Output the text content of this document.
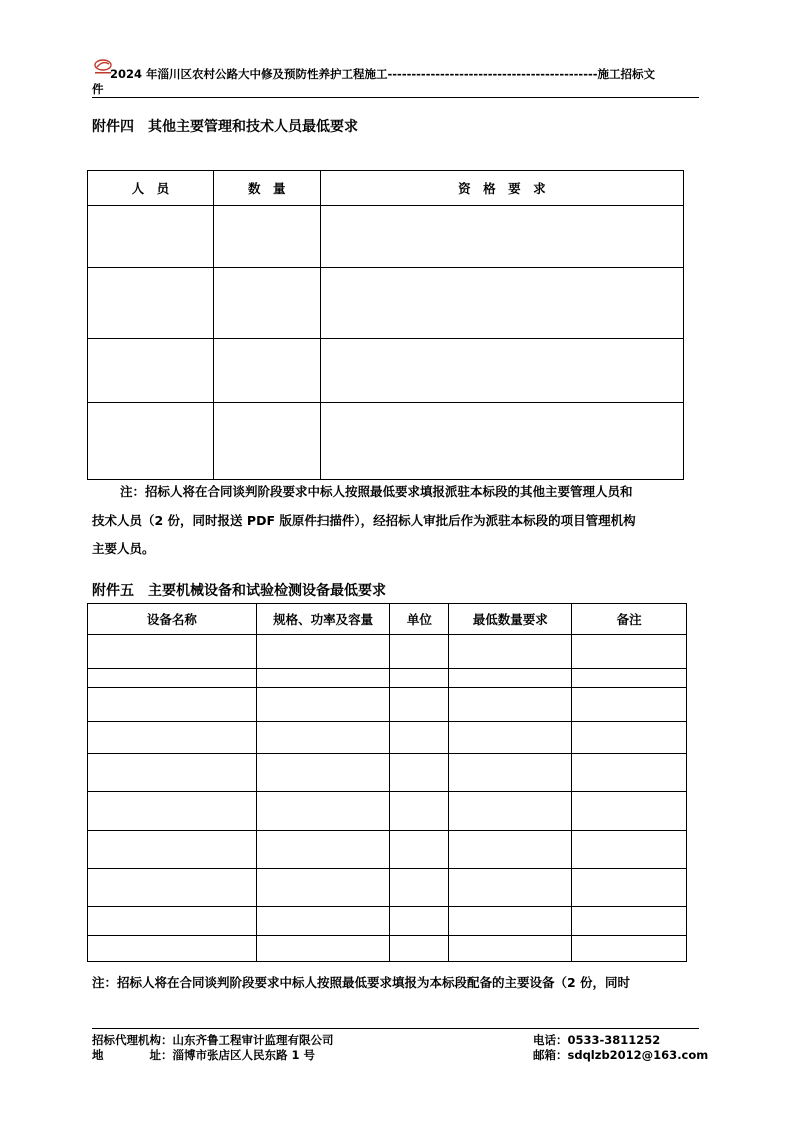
2024 年淄川区农村公路大中修及预防性养护工程施工--------------------------------------------施工招标文
件
附件四　其他主要管理和技术人员最低要求
人　员	数　量	资　格　要　求

注：招标人将在合同谈判阶段要求中标人按照最低要求填报派驻本标段的其他主要管理人员和
技术人员（2 份，同时报送 PDF 版原件扫描件），经招标人审批后作为派驻本标段的项目管理机构
主要人员。
附件五　主要机械设备和试验检测设备最低要求
设备名称	规格、功率及容量	单位	最低数量要求	备注

注：招标人将在合同谈判阶段要求中标人按照最低要求填报为本标段配备的主要设备（2 份，同时
招标代理机构：山东齐鲁工程审计监理有限公司	电话：0533-3811252
地　　　　址：淄博市张店区人民东路 1 号	邮箱：sdqlzb2012@163.com
